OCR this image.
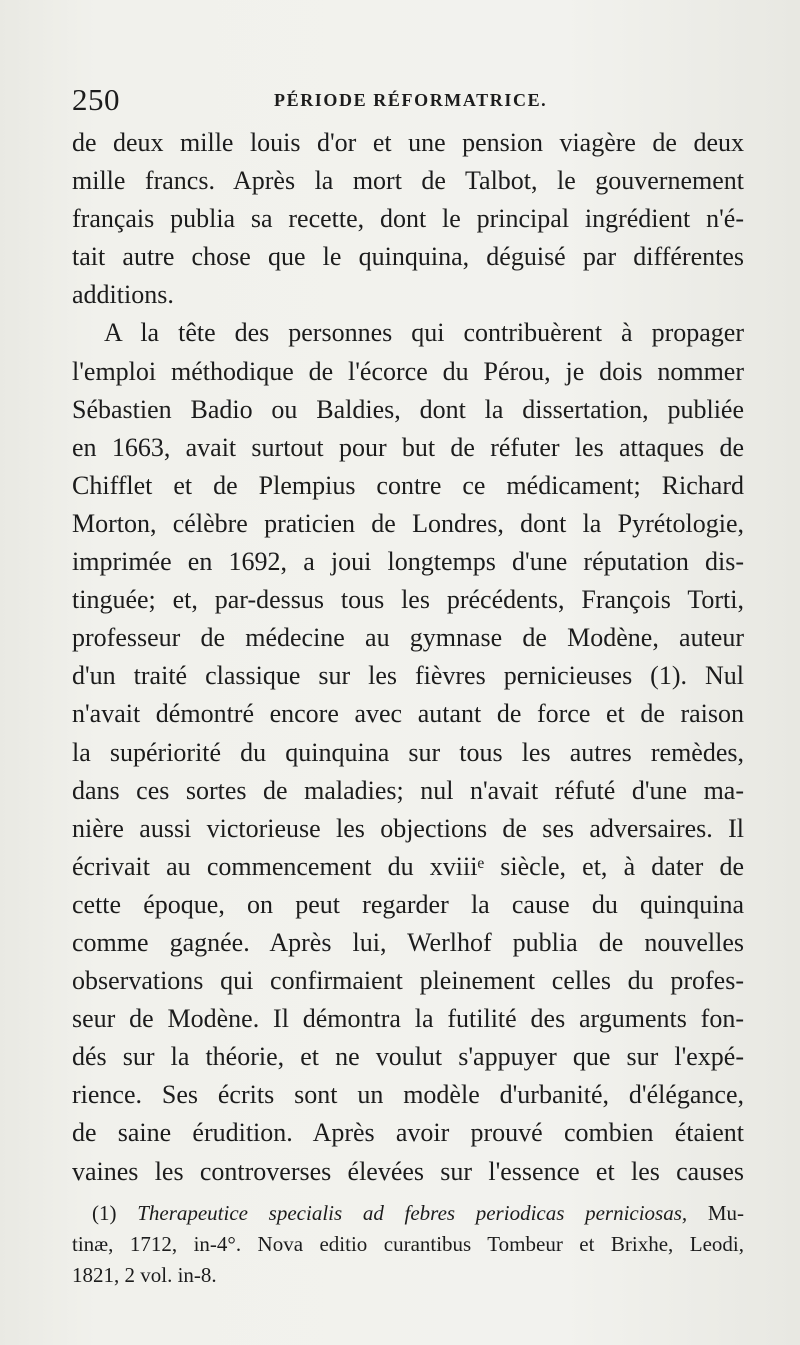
250	PÉRIODE RÉFORMATRICE.
de deux mille louis d'or et une pension viagère de deux
mille francs. Après la mort de Talbot, le gouvernement
français publia sa recette, dont le principal ingrédient n'é-
tait autre chose que le quinquina, déguisé par différentes
additions.
A la tête des personnes qui contribuèrent à propager
l'emploi méthodique de l'écorce du Pérou, je dois nommer
Sébastien Badio ou Baldies, dont la dissertation, publiée
en 1663, avait surtout pour but de réfuter les attaques de
Chifflet et de Plempius contre ce médicament; Richard
Morton, célèbre praticien de Londres, dont la Pyrétologie,
imprimée en 1692, a joui longtemps d'une réputation dis-
tinguée; et, par-dessus tous les précédents, François Torti,
professeur de médecine au gymnase de Modène, auteur
d'un traité classique sur les fièvres pernicieuses (1). Nul
n'avait démontré encore avec autant de force et de raison
la supériorité du quinquina sur tous les autres remèdes,
dans ces sortes de maladies; nul n'avait réfuté d'une ma-
nière aussi victorieuse les objections de ses adversaires. Il
écrivait au commencement du xviiiᵉ siècle, et, à dater de
cette époque, on peut regarder la cause du quinquina
comme gagnée. Après lui, Werlhof publia de nouvelles
observations qui confirmaient pleinement celles du profes-
seur de Modène. Il démontra la futilité des arguments fon-
dés sur la théorie, et ne voulut s'appuyer que sur l'expé-
rience. Ses écrits sont un modèle d'urbanité, d'élégance,
de saine érudition. Après avoir prouvé combien étaient
vaines les controverses élevées sur l'essence et les causes
(1) Therapeutice specialis ad febres periodicas perniciosas, Mu-
tinæ, 1712, in-4°. Nova editio curantibus Tombeur et Brixhe, Leodi,
1821, 2 vol. in-8.
